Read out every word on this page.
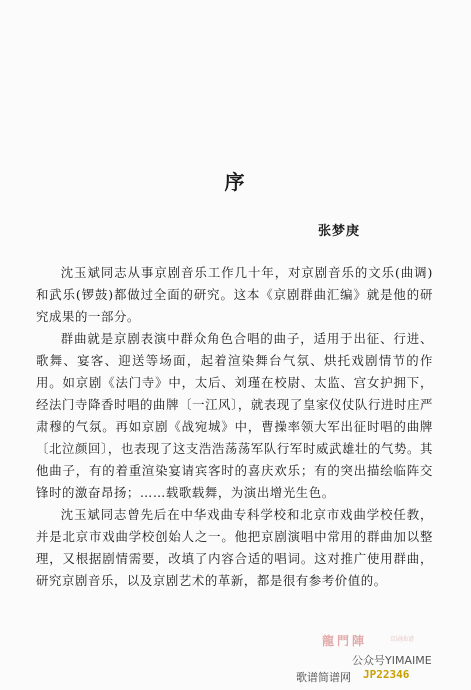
序
张梦庚

沈玉斌同志从事京剧音乐工作几十年，对京剧音乐的文乐(曲调)和武乐(锣鼓)都做过全面的研究。这本《京剧群曲汇编》就是他的研究成果的一部分。

群曲就是京剧表演中群众角色合唱的曲子，适用于出征、行进、歌舞、宴客、迎送等场面，起着渲染舞台气氛、烘托戏剧情节的作用。如京剧《法门寺》中，太后、刘瑾在校尉、太监、宫女护拥下，经法门寺降香时唱的曲牌〔一江风〕，就表现了皇家仪仗队行进时庄严肃穆的气氛。再如京剧《战宛城》中，曹操率领大军出征时唱的曲牌〔北泣颜回〕，也表现了这支浩浩荡荡军队行军时威武雄壮的气势。其他曲子，有的着重渲染宴请宾客时的喜庆欢乐；有的突出描绘临阵交锋时的激奋昂扬；……载歌载舞，为演出增光生色。

沈玉斌同志曾先后在中华戏曲专科学校和北京市戏曲学校任教，并是北京市戏曲学校创始人之一。他把京剧演唱中常用的群曲加以整理，又根据剧情需要，改填了内容合适的唱词。这对推广使用群曲，研究京剧音乐，以及京剧艺术的革新，都是很有参考价值的。

龍門陣	京剧曲谱
公众号YIMAIME
歌谱简谱网 JP22346
